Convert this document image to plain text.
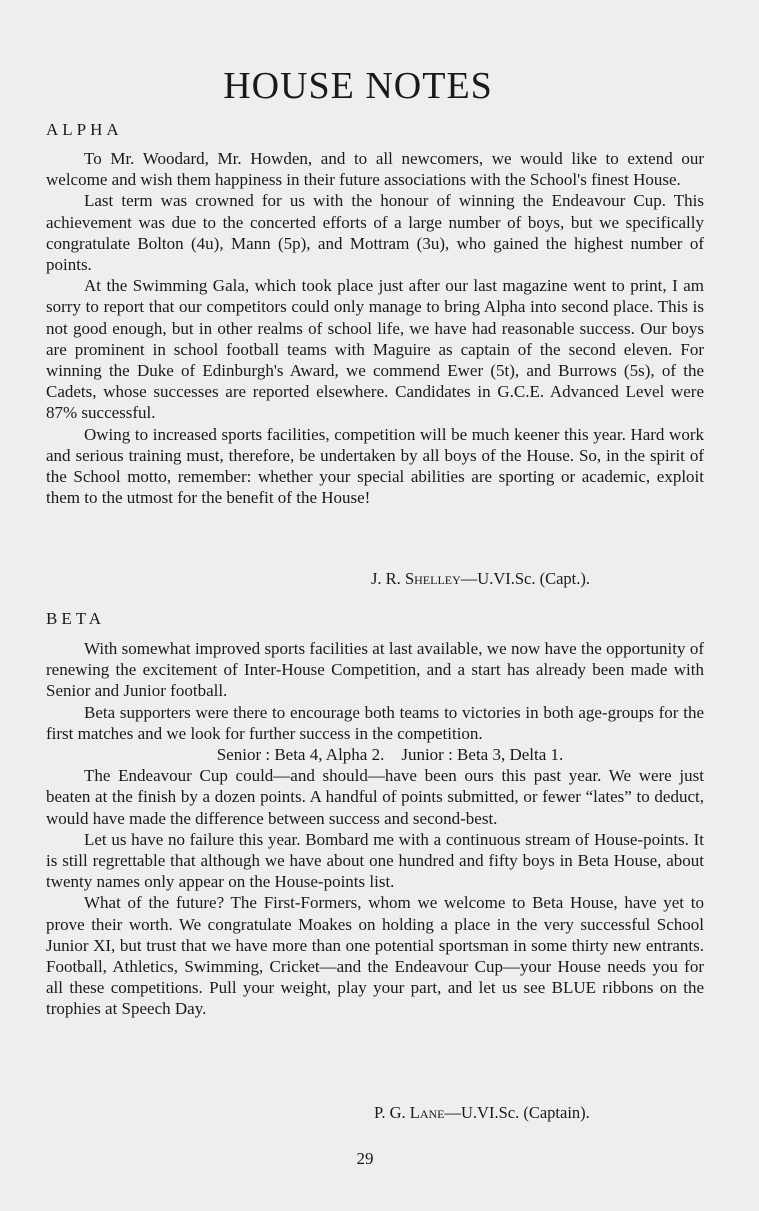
HOUSE NOTES
ALPHA

To Mr. Woodard, Mr. Howden, and to all newcomers, we would like to extend our welcome and wish them happiness in their future associations with the School's finest House.

Last term was crowned for us with the honour of winning the Endeavour Cup. This achievement was due to the concerted efforts of a large number of boys, but we specifically congratulate Bolton (4u), Mann (5p), and Mottram (3u), who gained the highest number of points.

At the Swimming Gala, which took place just after our last magazine went to print, I am sorry to report that our competitors could only manage to bring Alpha into second place. This is not good enough, but in other realms of school life, we have had reasonable success. Our boys are prominent in school football teams with Maguire as captain of the second eleven. For winning the Duke of Edinburgh's Award, we commend Ewer (5t), and Burrows (5s), of the Cadets, whose successes are reported elsewhere. Candidates in G.C.E. Advanced Level were 87% successful.

Owing to increased sports facilities, competition will be much keener this year. Hard work and serious training must, therefore, be undertaken by all boys of the House. So, in the spirit of the School motto, remember: whether your special abilities are sporting or academic, exploit them to the utmost for the benefit of the House!

J. R. Shelley—U.VI.Sc. (Capt.).
BETA

With somewhat improved sports facilities at last available, we now have the opportunity of renewing the excitement of Inter-House Competition, and a start has already been made with Senior and Junior football.

Beta supporters were there to encourage both teams to victories in both age-groups for the first matches and we look for further success in the competition.

Senior : Beta 4, Alpha 2.    Junior : Beta 3, Delta 1.

The Endeavour Cup could—and should—have been ours this past year. We were just beaten at the finish by a dozen points. A handful of points submitted, or fewer “lates” to deduct, would have made the difference between success and second-best.

Let us have no failure this year. Bombard me with a continuous stream of House-points. It is still regrettable that although we have about one hundred and fifty boys in Beta House, about twenty names only appear on the House-points list.

What of the future? The First-Formers, whom we welcome to Beta House, have yet to prove their worth. We congratulate Moakes on holding a place in the very successful School Junior XI, but trust that we have more than one potential sportsman in some thirty new entrants. Football, Athletics, Swimming, Cricket—and the Endeavour Cup—your House needs you for all these competitions. Pull your weight, play your part, and let us see BLUE ribbons on the trophies at Speech Day.

P. G. Lane—U.VI.Sc. (Captain).
29
